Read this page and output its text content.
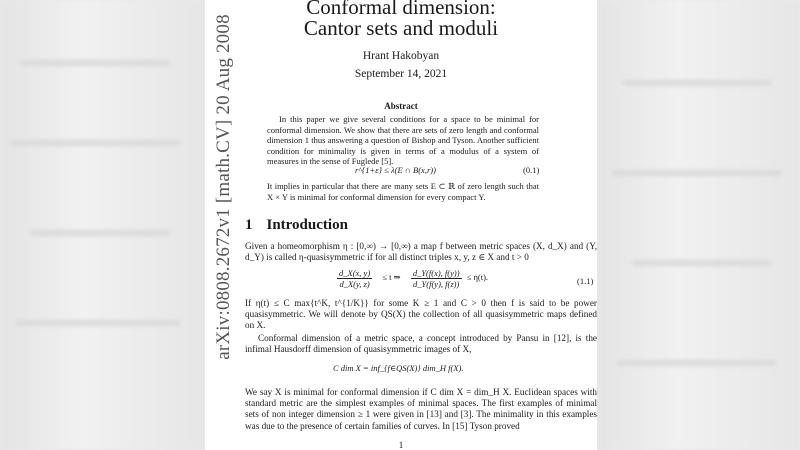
arXiv:0808.2672v1 [math.CV] 20 Aug 2008
Conformal dimension:
Cantor sets and moduli
Hrant Hakobyan
September 14, 2021
Abstract
In this paper we give several conditions for a space to be minimal for conformal dimension. We show that there are sets of zero length and conformal dimension 1 thus answering a question of Bishop and Tyson. Another sufficient condition for minimality is given in terms of a modulus of a system of measures in the sense of Fuglede [5].
r^{1+ε} ≤ λ(E ∩ B(x,r))	(0.1)
It implies in particular that there are many sets E ⊂ ℝ of zero length such that X × Y is minimal for conformal dimension for every compact Y.
1 Introduction
Given a homeomorphism η : [0,∞) → [0,∞) a map f between metric spaces (X, d_X) and (Y, d_Y) is called η-quasisymmetric if for all distinct triples x, y, z ∈ X and t > 0
$\frac{d\_X(x, y)}{d\_X(y, z)} \le t$ ⇒ $\frac{d\_Y(f(x), f(y))}{d\_Y(f(y), f(z))} \le \eta(t)$.	(1.1)
If η(t) ≤ C max{t^K, t^{1/K}} for some K ≥ 1 and C > 0 then f is said to be power quasisymmetric. We will denote by QS(X) the collection of all quasisymmetric maps defined on X.
Conformal dimension of a metric space, a concept introduced by Pansu in [12], is the infimal Hausdorff dimension of quasisymmetric images of X,
C dim X = inf_{f∈QS(X)} dim_H f(X).
We say X is minimal for conformal dimension if C dim X = dim_H X. Euclidean spaces with standard metric are the simplest examples of minimal spaces. The first examples of minimal sets of non integer dimension ≥ 1 were given in [13] and [3]. The minimality in this examples was due to the presence of certain families of curves. In [15] Tyson proved
1
